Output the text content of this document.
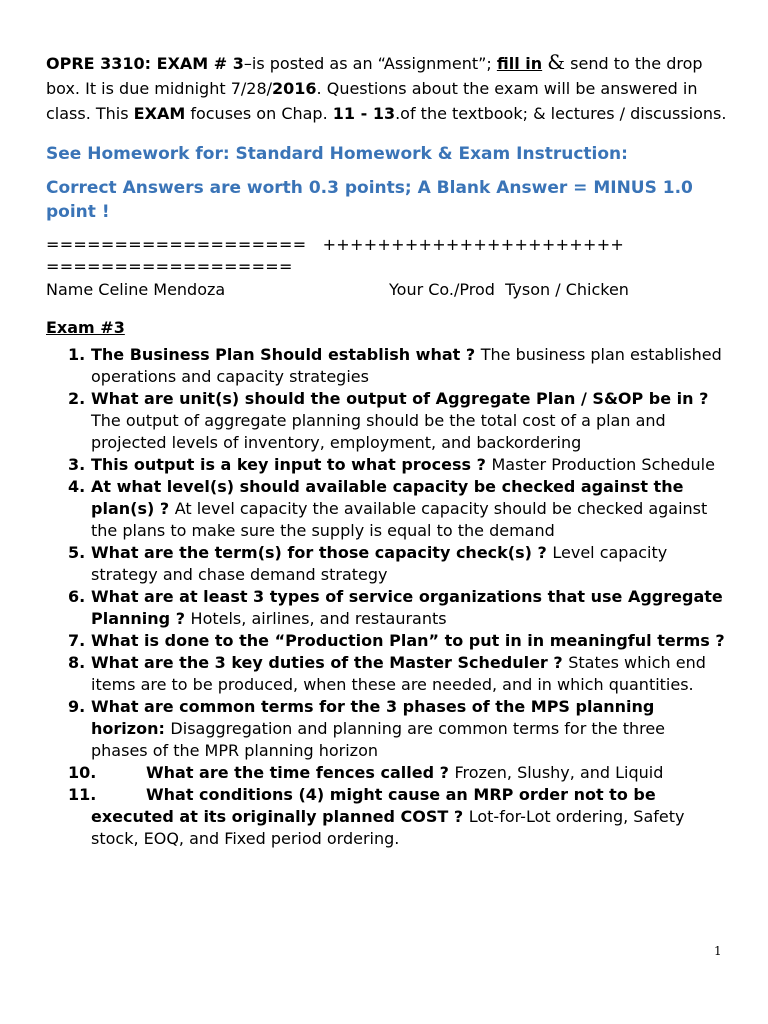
OPRE 3310: EXAM # 3–is posted as an “Assignment”; fill in & send to the drop box. It is due midnight 7/28/2016. Questions about the exam will be answered in class. This EXAM focuses on Chap. 11 - 13.of the textbook; & lectures / discussions.
See Homework for: Standard Homework & Exam Instruction:
Correct Answers are worth 0.3 points; A Blank Answer = MINUS 1.0 point !
===================   ++++++++++++++++++++++
==================
Name Celine Mendoza	Your Co./Prod  Tyson / Chicken
Exam #3
1. The Business Plan Should establish what ? The business plan established operations and capacity strategies
2. What are unit(s) should the output of Aggregate Plan / S&OP be in ? The output of aggregate planning should be the total cost of a plan and projected levels of inventory, employment, and backordering
3. This output is a key input to what process ? Master Production Schedule
4. At what level(s) should available capacity be checked against the plan(s) ? At level capacity the available capacity should be checked against the plans to make sure the supply is equal to the demand
5. What are the term(s) for those capacity check(s) ? Level capacity strategy and chase demand strategy
6. What are at least 3 types of service organizations that use Aggregate Planning ? Hotels, airlines, and restaurants
7. What is done to the “Production Plan” to put in in meaningful terms ?
8. What are the 3 key duties of the Master Scheduler ? States which end items are to be produced, when these are needed, and in which quantities.
9. What are common terms for the 3 phases of the MPS planning horizon: Disaggregation and planning are common terms for the three phases of the MPR planning horizon
10.	What are the time fences called ? Frozen, Slushy, and Liquid
11.	What conditions (4) might cause an MRP order not to be executed at its originally planned COST ? Lot-for-Lot ordering, Safety stock, EOQ, and Fixed period ordering.
1
